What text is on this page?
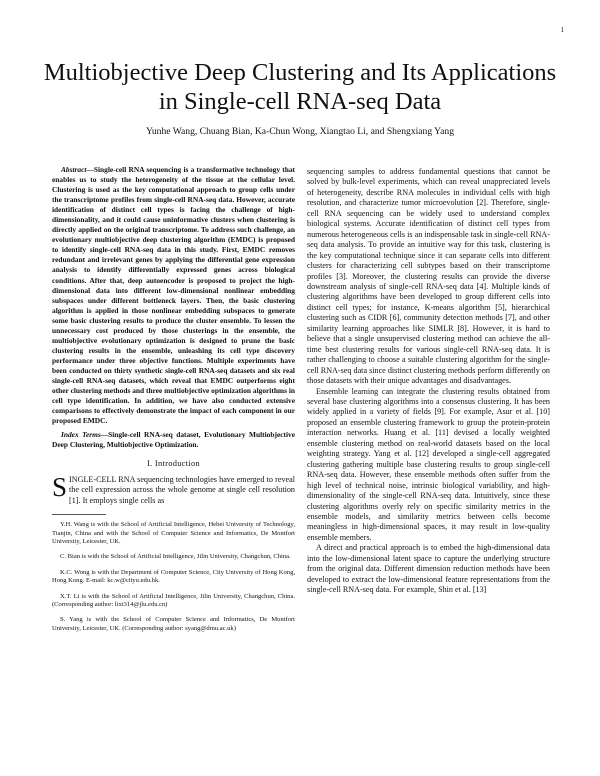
1
Multiobjective Deep Clustering and Its Applications in Single-cell RNA-seq Data
Yunhe Wang, Chuang Bian, Ka-Chun Wong, Xiangtao Li, and Shengxiang Yang

Abstract—Single-cell RNA sequencing is a transformative technology that enables us to study the heterogeneity of the tissue at the cellular level. Clustering is used as the key computational approach to group cells under the transcriptome profiles from single-cell RNA-seq data. However, accurate identification of distinct cell types is facing the challenge of high-dimensionality, and it could cause uninformative clusters when clustering is directly applied on the original transcriptome. To address such challenge, an evolutionary multiobjective deep clustering algorithm (EMDC) is proposed to identify single-cell RNA-seq data in this study. First, EMDC removes redundant and irrelevant genes by applying the differential gene expression analysis to identify differentially expressed genes across biological conditions. After that, deep autoencoder is proposed to project the high-dimensional data into different low-dimensional nonlinear embedding subspaces under different bottleneck layers. Then, the basic clustering algorithm is applied in those nonlinear embedding subspaces to generate some basic clustering results to produce the cluster ensemble. To lessen the unnecessary cost produced by those clusterings in the ensemble, the multiobjective evolutionary optimization is designed to prune the basic clustering results in the ensemble, unleashing its cell type discovery performance under three objective functions. Multiple experiments have been conducted on thirty synthetic single-cell RNA-seq datasets and six real single-cell RNA-seq datasets, which reveal that EMDC outperforms eight other clustering methods and three multiobjective optimization algorithms in cell type identification. In addition, we have also conducted extensive comparisons to effectively demonstrate the impact of each component in our proposed EMDC.

Index Terms—Single-cell RNA-seq dataset, Evolutionary Multiobjective Deep Clustering, Multiobjective Optimization.

I. Introduction

SINGLE-CELL RNA sequencing technologies have emerged to reveal the cell expression across the whole genome at single cell resolution [1]. It employs single cells as

Y.H. Wang is with the School of Artificial Intelligence, Hebei University of Technology, Tianjin, China and with the School of Computer Science and Informatics, De Montfort University, Leicester, UK.

C. Bian is with the School of Artificial Intelligence, Jilin University, Changchun, China.

K.C. Wong is with the Department of Computer Science, City University of Hong Kong, Hong Kong. E-mail: kc.w@cityu.edu.hk.

X.T. Li is with the School of Artificial Intelligence, Jilin University, Changchun, China. (Corresponding author: lixt314@jlu.edu.cn)

S. Yang is with the School of Computer Science and Informatics, De Montfort University, Leicester, UK. (Corresponding author: syang@dmu.ac.uk)

sequencing samples to address fundamental questions that cannot be solved by bulk-level experiments, which can reveal unappreciated levels of heterogeneity, describe RNA molecules in individual cells with high resolution, and characterize tumor microevolution [2]. Therefore, single-cell RNA sequencing can be widely used to understand complex biological systems. Accurate identification of distinct cell types from numerous heterogeneous cells is an indispensable task in single-cell RNA-seq data analysis. To provide an intuitive way for this task, clustering is the key computational technique since it can separate cells into different clusters for characterizing cell subtypes based on their transcriptome profiles [3]. Moreover, the clustering results can provide the diverse downstream analysis of single-cell RNA-seq data [4]. Multiple kinds of clustering algorithms have been developed to group different cells into distinct cell types; for instance, K-means algorithm [5], hierarchical clustering such as CIDR [6], community detection methods [7], and other similarity learning approaches like SIMLR [8]. However, it is hard to believe that a single unsupervised clustering method can achieve the all-time best clustering results for various single-cell RNA-seq data. It is rather challenging to choose a suitable clustering algorithm for the single-cell RNA-seq data since distinct clustering methods perform differently on those datasets with their unique advantages and disadvantages.

Ensemble learning can integrate the clustering results obtained from several base clustering algorithms into a consensus clustering. It has been widely applied in a variety of fields [9]. For example, Asur et al. [10] proposed an ensemble clustering framework to group the protein-protein interaction networks. Huang et al. [11] devised a locally weighted ensemble clustering method on real-world datasets based on the local weighting strategy. Yang et al. [12] developed a single-cell aggregated clustering gathering multiple base clustering results to group single-cell RNA-seq data. However, these ensemble methods often suffer from the high level of technical noise, intrinsic biological variability, and high-dimensionality of the single-cell RNA-seq data. Intuitively, since these clustering algorithms overly rely on specific similarity metrics in the ensemble models, and similarity metrics between cells become meaningless in high-dimensional spaces, it may result in low-quality ensemble members.

A direct and practical approach is to embed the high-dimensional data into the low-dimensional latent space to capture the underlying structure from the original data. Different dimension reduction methods have been developed to extract the low-dimensional feature representations from the single-cell RNA-seq data. For example, Shin et al. [13]
